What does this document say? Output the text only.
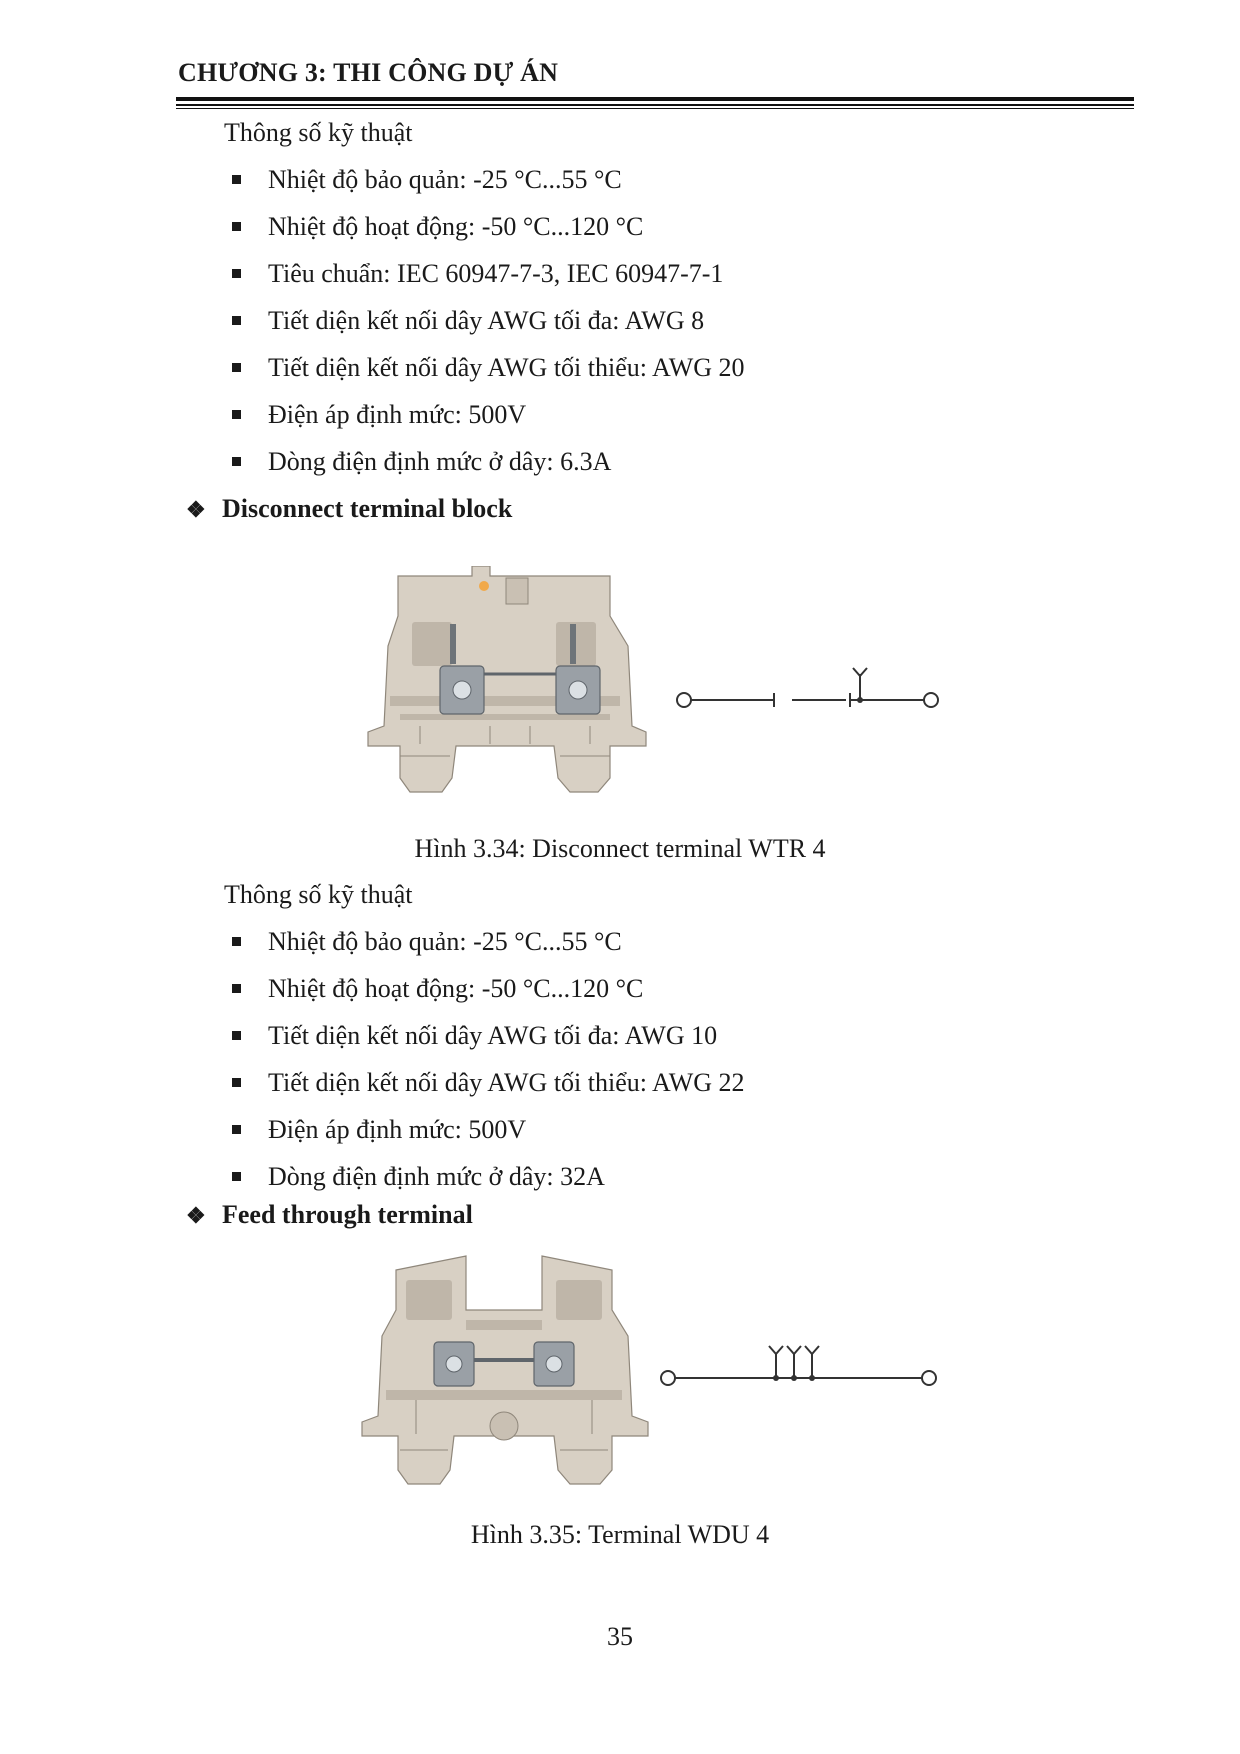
CHƯƠNG 3: THI CÔNG DỰ ÁN
Thông số kỹ thuật
Nhiệt độ bảo quản: -25 °C...55 °C
Nhiệt độ hoạt động: -50 °C...120 °C
Tiêu chuẩn: IEC 60947-7-3, IEC 60947-7-1
Tiết diện kết nối dây AWG tối đa: AWG 8
Tiết diện kết nối dây AWG tối thiểu: AWG 20
Điện áp định mức: 500V
Dòng điện định mức ở dây: 6.3A
❖ Disconnect terminal block
Hình 3.34: Disconnect terminal WTR 4
Thông số kỹ thuật
Nhiệt độ bảo quản: -25 °C...55 °C
Nhiệt độ hoạt động: -50 °C...120 °C
Tiết diện kết nối dây AWG tối đa: AWG 10
Tiết diện kết nối dây AWG tối thiểu: AWG 22
Điện áp định mức: 500V
Dòng điện định mức ở dây: 32A
❖ Feed through terminal
Hình 3.35: Terminal WDU 4
35
